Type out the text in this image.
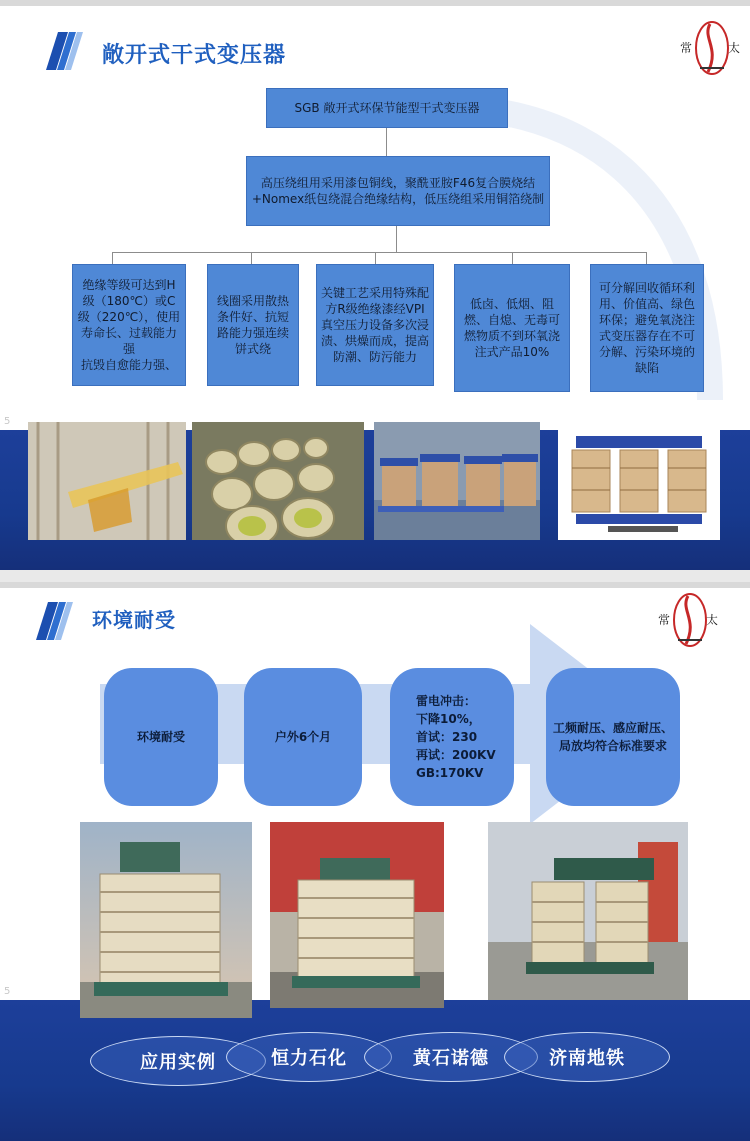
敞开式干式变压器	常	太
SGB 敞开式环保节能型干式变压器
高压绕组用采用漆包铜线，聚酰亚胺F46复合膜烧结+Nomex纸包绕混合绝缘结构，低压绕组采用铜箔绕制
绝缘等级可达到H级（180℃）或C级（220℃），使用寿命长、过载能力强
抗毁自愈能力强、
线圈采用散热条件好、抗短路能力强连续饼式绕
关键工艺采用特殊配方R级绝缘漆经VPI真空压力设备多次浸渍、烘燥而成，提高防潮、防污能力
低卤、低烟、阻燃、自熄、无毒可燃物质不到环氧浇注式产品10%
可分解回收循环利用、价值高、绿色环保；避免氧浇注式变压器存在不可分解、污染环境的缺陷
5
环境耐受	常	太
环境耐受	户外6个月
雷电冲击：
下降10%，
首试：230
再试：200KV
GB:170KV
工频耐压、感应耐压、局放均符合标准要求
5
应用实例	恒力石化	黄石诺德	济南地铁
